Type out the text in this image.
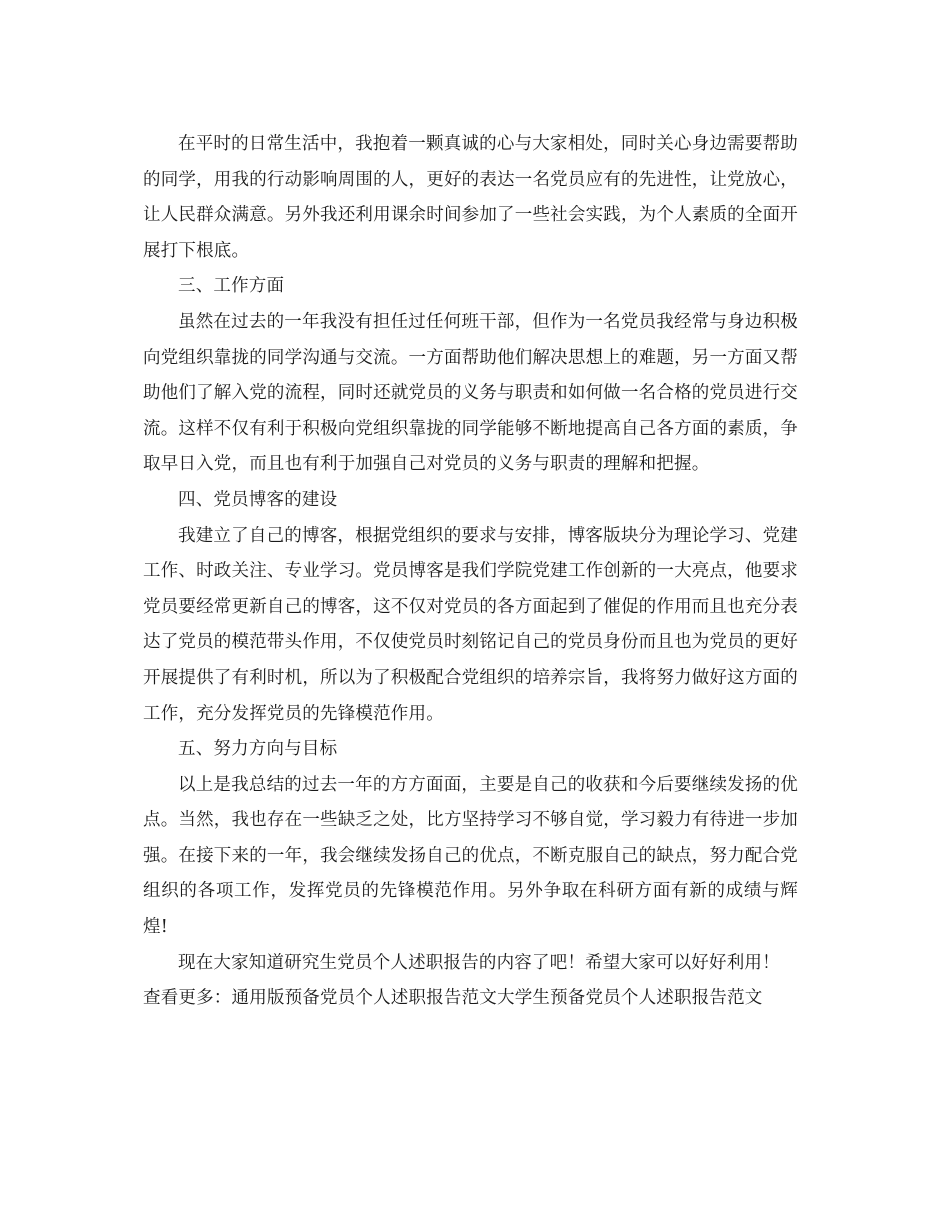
在平时的日常生活中，我抱着一颗真诚的心与大家相处，同时关心身边需要帮助的同学，用我的行动影响周围的人，更好的表达一名党员应有的先进性，让党放心，让人民群众满意。另外我还利用课余时间参加了一些社会实践，为个人素质的全面开展打下根底。

三、工作方面

虽然在过去的一年我没有担任过任何班干部，但作为一名党员我经常与身边积极向党组织靠拢的同学沟通与交流。一方面帮助他们解决思想上的难题，另一方面又帮助他们了解入党的流程，同时还就党员的义务与职责和如何做一名合格的党员进行交流。这样不仅有利于积极向党组织靠拢的同学能够不断地提高自己各方面的素质，争取早日入党，而且也有利于加强自己对党员的义务与职责的理解和把握。

四、党员博客的建设

我建立了自己的博客，根据党组织的要求与安排，博客版块分为理论学习、党建工作、时政关注、专业学习。党员博客是我们学院党建工作创新的一大亮点，他要求党员要经常更新自己的博客，这不仅对党员的各方面起到了催促的作用而且也充分表达了党员的模范带头作用，不仅使党员时刻铭记自己的党员身份而且也为党员的更好开展提供了有利时机，所以为了积极配合党组织的培养宗旨，我将努力做好这方面的工作，充分发挥党员的先锋模范作用。

五、努力方向与目标

以上是我总结的过去一年的方方面面，主要是自己的收获和今后要继续发扬的优点。当然，我也存在一些缺乏之处，比方坚持学习不够自觉，学习毅力有待进一步加强。在接下来的一年，我会继续发扬自己的优点，不断克服自己的缺点，努力配合党组织的各项工作，发挥党员的先锋模范作用。另外争取在科研方面有新的成绩与辉煌!

现在大家知道研究生党员个人述职报告的内容了吧！希望大家可以好好利用！

查看更多：通用版预备党员个人述职报告范文大学生预备党员个人述职报告范文
